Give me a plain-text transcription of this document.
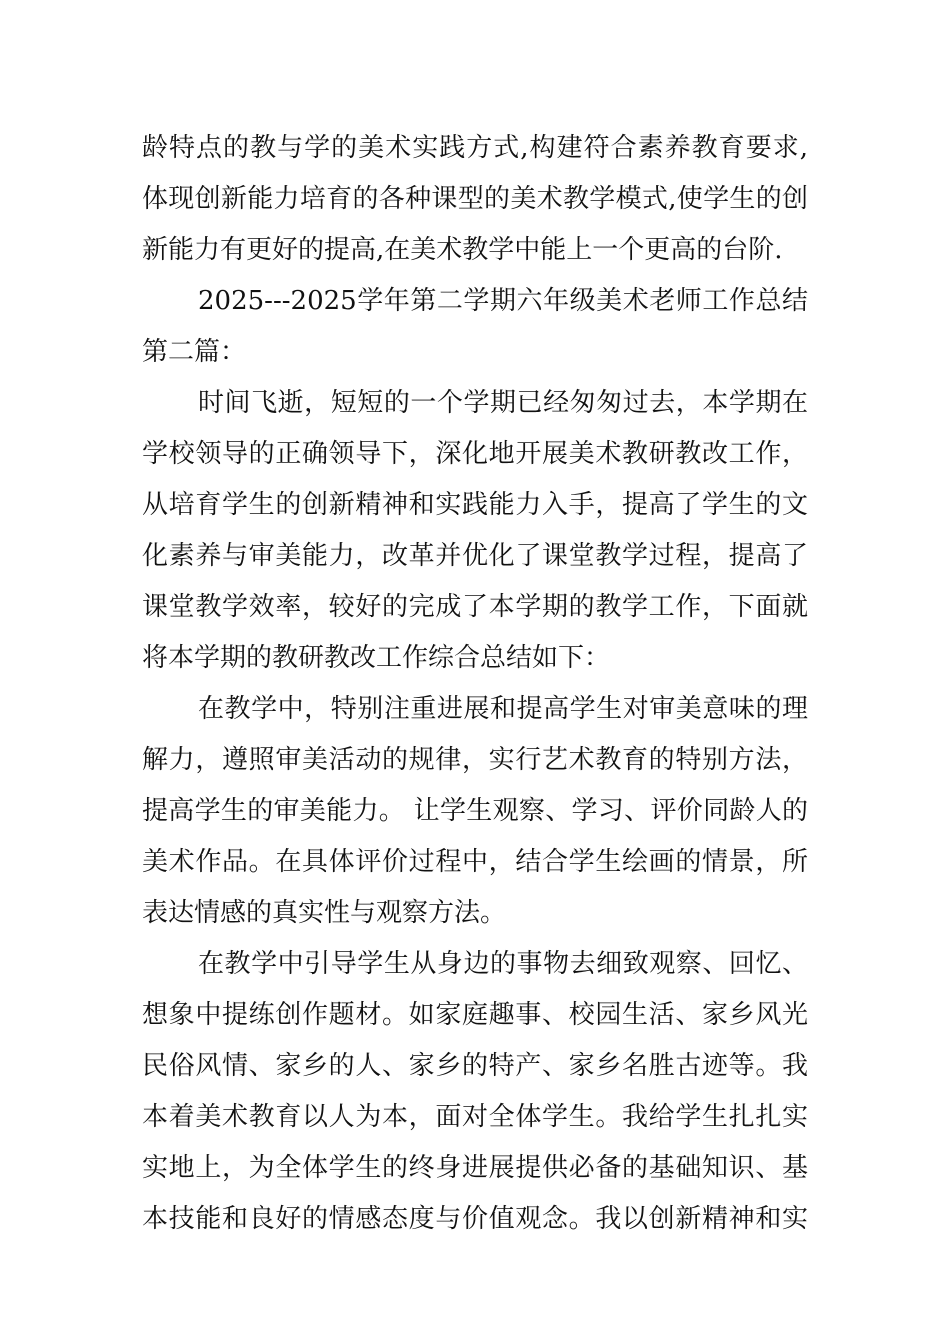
龄特点的教与学的美术实践方式,构建符合素养教育要求,
体现创新能力培育的各种课型的美术教学模式,使学生的创
新能力有更好的提高,在美术教学中能上一个更高的台阶.
2025---2025学年第二学期六年级美术老师工作总结
第二篇：
时间飞逝，短短的一个学期已经匆匆过去，本学期在
学校领导的正确领导下，深化地开展美术教研教改工作，
从培育学生的创新精神和实践能力入手，提高了学生的文
化素养与审美能力，改革并优化了课堂教学过程，提高了
课堂教学效率，较好的完成了本学期的教学工作，下面就
将本学期的教研教改工作综合总结如下：
在教学中，特别注重进展和提高学生对审美意味的理
解力，遵照审美活动的规律，实行艺术教育的特别方法，
提高学生的审美能力。 让学生观察、学习、评价同龄人的
美术作品。在具体评价过程中，结合学生绘画的情景，所
表达情感的真实性与观察方法。
在教学中引导学生从身边的事物去细致观察、回忆、
想象中提练创作题材。如家庭趣事、校园生活、家乡风光
民俗风情、家乡的人、家乡的特产、家乡名胜古迹等。我
本着美术教育以人为本，面对全体学生。我给学生扎扎实
实地上，为全体学生的终身进展提供必备的基础知识、基
本技能和良好的情感态度与价值观念。我以创新精神和实
